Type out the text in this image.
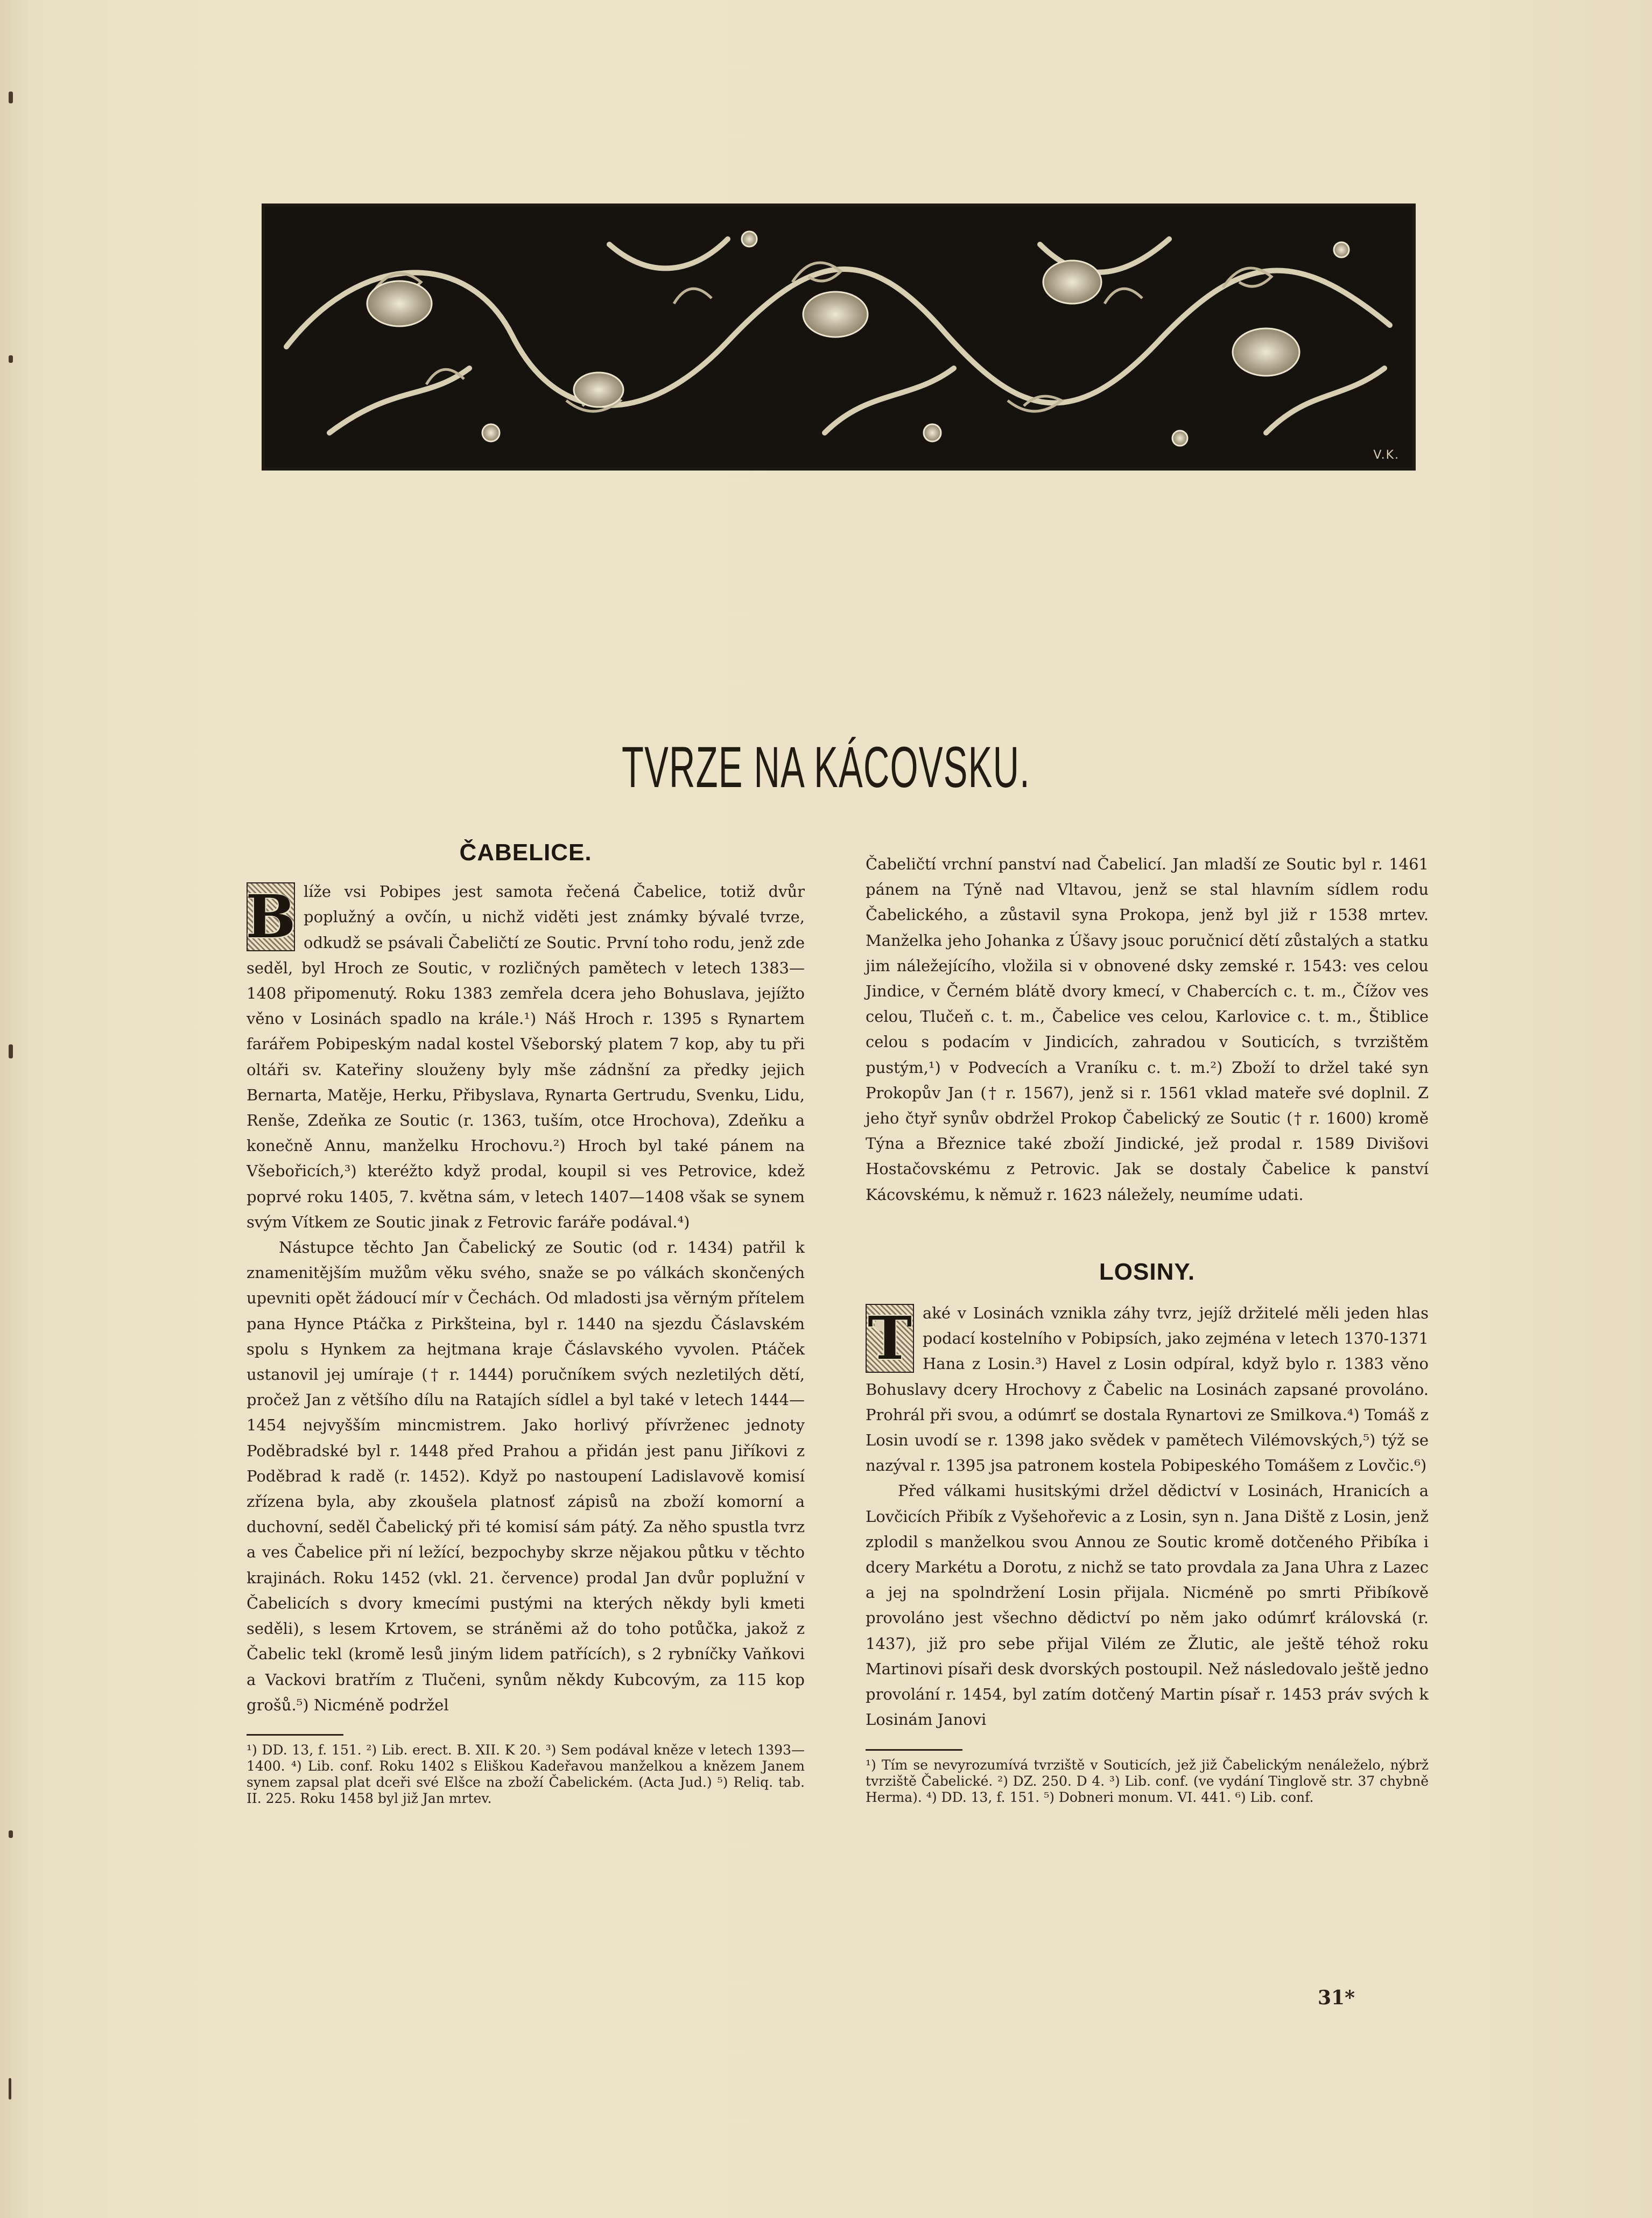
V.K.
TVRZE NA KÁCOVSKU.
ČABELICE.

B líže vsi Pobipes jest samota řečená Čabelice, totiž dvůr poplužný a ovčín, u nichž viděti jest známky bývalé tvrze, odkudž se psávali Čabeličtí ze Soutic. První toho rodu, jenž zde seděl, byl Hroch ze Soutic, v rozličných pamětech v letech 1383—1408 připomenutý. Roku 1383 zemřela dcera jeho Bohuslava, jejížto věno v Losinách spadlo na krále.¹) Náš Hroch r. 1395 s Rynartem farářem Pobipeským nadal kostel Všeborský platem 7 kop, aby tu při oltáři sv. Kateřiny slouženy byly mše zádnšní za předky jejich Bernarta, Matěje, Herku, Přibyslava, Rynarta Gertrudu, Svenku, Lidu, Renše, Zdeňka ze Soutic (r. 1363, tuším, otce Hrochova), Zdeňku a konečně Annu, manželku Hrochovu.²) Hroch byl také pánem na Všebořicích,³) kteréžto když prodal, koupil si ves Petrovice, kdež poprvé roku 1405, 7. května sám, v letech 1407—1408 však se synem svým Vítkem ze Soutic jinak z Fetrovic faráře podával.⁴)

Nástupce těchto Jan Čabelický ze Soutic (od r. 1434) patřil k znamenitějším mužům věku svého, snaže se po válkách skončených upevniti opět žádoucí mír v Čechách. Od mladosti jsa věrným přítelem pana Hynce Ptáčka z Pirkšteina, byl r. 1440 na sjezdu Čáslavském spolu s Hynkem za hejtmana kraje Čáslavského vyvolen. Ptáček ustanovil jej umíraje († r. 1444) poručníkem svých nezletilých dětí, pročež Jan z většího dílu na Ratajích sídlel a byl také v letech 1444—1454 nejvyšším mincmistrem. Jako horlivý přívrženec jednoty Poděbradské byl r. 1448 před Prahou a přidán jest panu Jiříkovi z Poděbrad k radě (r. 1452). Když po nastoupení Ladislavově komisí zřízena byla, aby zkoušela platnosť zápisů na zboží komorní a duchovní, seděl Čabelický při té komisí sám pátý. Za něho spustla tvrz a ves Čabelice při ní ležící, bezpochyby skrze nějakou půtku v těchto krajinách. Roku 1452 (vkl. 21. července) prodal Jan dvůr poplužní v Čabelicích s dvory kmecími pustými na kterých někdy byli kmeti seděli), s lesem Krtovem, se stráněmi až do toho potůčka, jakož z Čabelic tekl (kromě lesů jiným lidem patřících), s 2 rybníčky Vaňkovi a Vackovi bratřím z Tlučeni, synům někdy Kubcovým, za 115 kop grošů.⁵) Nicméně podržel

¹) DD. 13, f. 151. ²) Lib. erect. B. XII. K 20. ³) Sem podával kněze v letech 1393—1400. ⁴) Lib. conf. Roku 1402 s Eliškou Kadeřavou manželkou a knězem Janem synem zapsal plat dceři své Elšce na zboží Čabelickém. (Acta Jud.) ⁵) Reliq. tab. II. 225. Roku 1458 byl již Jan mrtev.

Čabeličtí vrchní panství nad Čabelicí. Jan mladší ze Soutic byl r. 1461 pánem na Týně nad Vltavou, jenž se stal hlavním sídlem rodu Čabelického, a zůstavil syna Prokopa, jenž byl již r 1538 mrtev. Manželka jeho Johanka z Úšavy jsouc poručnicí dětí zůstalých a statku jim náležejícího, vložila si v obnovené dsky zemské r. 1543: ves celou Jindice, v Černém blátě dvory kmecí, v Chabercích c. t. m., Čížov ves celou, Tlučeň c. t. m., Čabelice ves celou, Karlovice c. t. m., Štiblice celou s podacím v Jindicích, zahradou v Souticích, s tvrzištěm pustým,¹) v Podvecích a Vraníku c. t. m.²) Zboží to držel také syn Prokopův Jan († r. 1567), jenž si r. 1561 vklad mateře své doplnil. Z jeho čtyř synův obdržel Prokop Čabelický ze Soutic († r. 1600) kromě Týna a Březnice také zboží Jindické, jež prodal r. 1589 Divišovi Hostačovskému z Petrovic. Jak se dostaly Čabelice k panství Kácovskému, k němuž r. 1623 náležely, neumíme udati.

LOSINY.

T aké v Losinách vznikla záhy tvrz, jejíž držitelé měli jeden hlas podací kostelního v Pobipsích, jako zejména v letech 1370-1371 Hana z Losin.³) Havel z Losin odpíral, když bylo r. 1383 věno Bohuslavy dcery Hrochovy z Čabelic na Losinách zapsané provoláno. Prohrál při svou, a odúmrť se dostala Rynartovi ze Smilkova.⁴) Tomáš z Losin uvodí se r. 1398 jako svědek v pamětech Vilémovských,⁵) týž se nazýval r. 1395 jsa patronem kostela Pobipeského Tomášem z Lovčic.⁶)

Před válkami husitskými držel dědictví v Losinách, Hranicích a Lovčicích Přibík z Vyšehořevic a z Losin, syn n. Jana Diště z Losin, jenž zplodil s manželkou svou Annou ze Soutic kromě dotčeného Přibíka i dcery Markétu a Dorotu, z nichž se tato provdala za Jana Uhra z Lazec a jej na spolndržení Losin přijala. Nicméně po smrti Přibíkově provoláno jest všechno dědictví po něm jako odúmrť královská (r. 1437), již pro sebe přijal Vilém ze Žlutic, ale ještě téhož roku Martinovi písaři desk dvorských postoupil. Než následovalo ještě jedno provolání r. 1454, byl zatím dotčený Martin písař r. 1453 práv svých k Losinám Janovi

¹) Tím se nevyrozumívá tvrziště v Souticích, jež již Čabelickým nenáleželo, nýbrž tvrziště Čabelické. ²) DZ. 250. D 4. ³) Lib. conf. (ve vydání Tinglově str. 37 chybně Herma). ⁴) DD. 13, f. 151. ⁵) Dobneri monum. VI. 441. ⁶) Lib. conf.

31*
